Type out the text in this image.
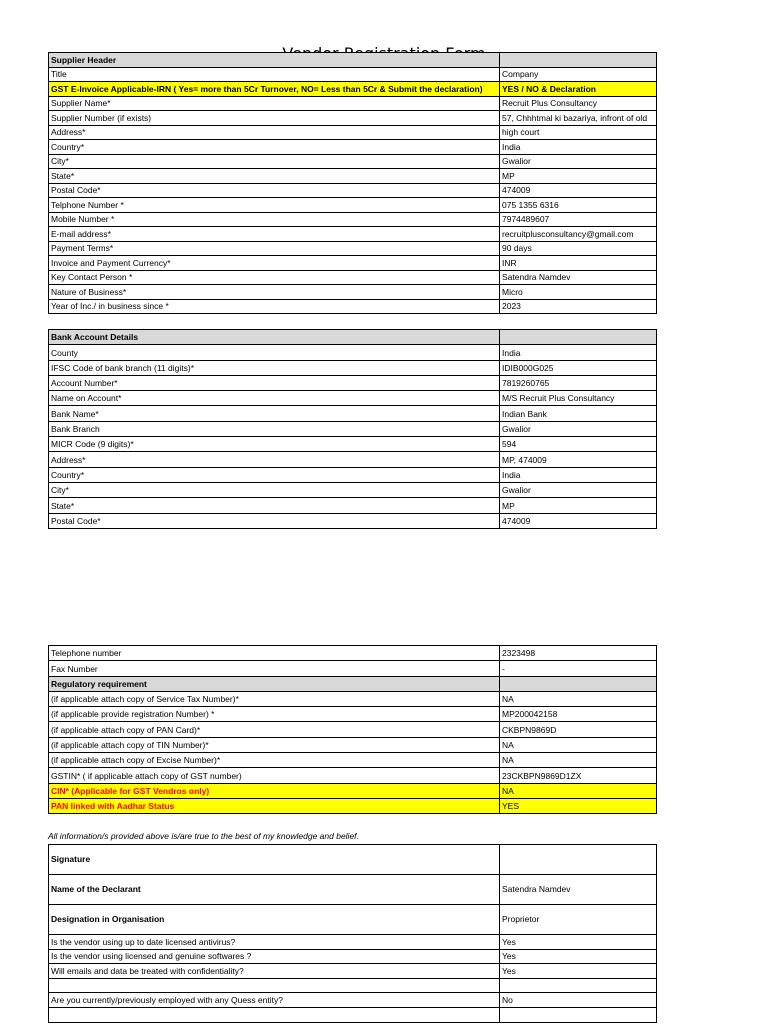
Supplier Header	
Title	Company
GST E-Invoice Applicable-IRN ( Yes= more than 5Cr Turnover, NO= Less than 5Cr & Submit the declaration)	YES / NO & Declaration
Supplier Name*	Recruit Plus Consultancy
Supplier Number (if exists)	57, Chhhtmal ki bazariya, infront of old
Address*	high court
Country*	India
City*	Gwalior
State*	MP
Postal Code*	474009
Telphone Number *	075 1355 6316
Mobile Number *	7974489607
E-mail address*	recruitplusconsultancy@gmail.com
Payment Terms*	90 days
Invoice and Payment Currency*	INR
Key Contact Person *	Satendra Namdev
Nature of Business*	Micro
Year of Inc./ in business since *	2023
Bank Account Details	
County	India
IFSC Code of bank branch (11 digits)*	IDIB000G025
Account Number*	7819260765
Name on Account*	M/S Recruit Plus Consultancy
Bank Name*	Indian Bank
Bank Branch	Gwalior
MICR Code (9 digits)*	594
Address*	MP, 474009
Country*	India
City*	Gwalior
State*	MP
Postal Code*	474009
Telephone number	2323498
Fax Number	-
Regulatory requirement	
(if applicable attach copy of Service Tax Number)*	NA
(if applicable provide registration Number) *	MP200042158
(if applicable attach copy of PAN Card)*	CKBPN9869D
(if applicable attach copy of TIN Number)*	NA
(if applicable attach copy of Excise Number)*	NA
GSTIN* ( if applicable attach copy of GST number)	23CKBPN9869D1ZX
CIN* (Applicable for GST Vendros only)	NA
PAN linked with Aadhar Status	YES
All information/s provided above is/are true to the best of my knowledge and belief.
Signature	
Name of the Declarant	Satendra Namdev
Designation in Organisation	Proprietor
Is the vendor using up to date licensed antivirus?	Yes
Is the vendor using licensed and genuine softwares ?	Yes
Will emails and data be treated with confidentiality?	Yes

Are you currently/previously employed with any Quess entity?	No
